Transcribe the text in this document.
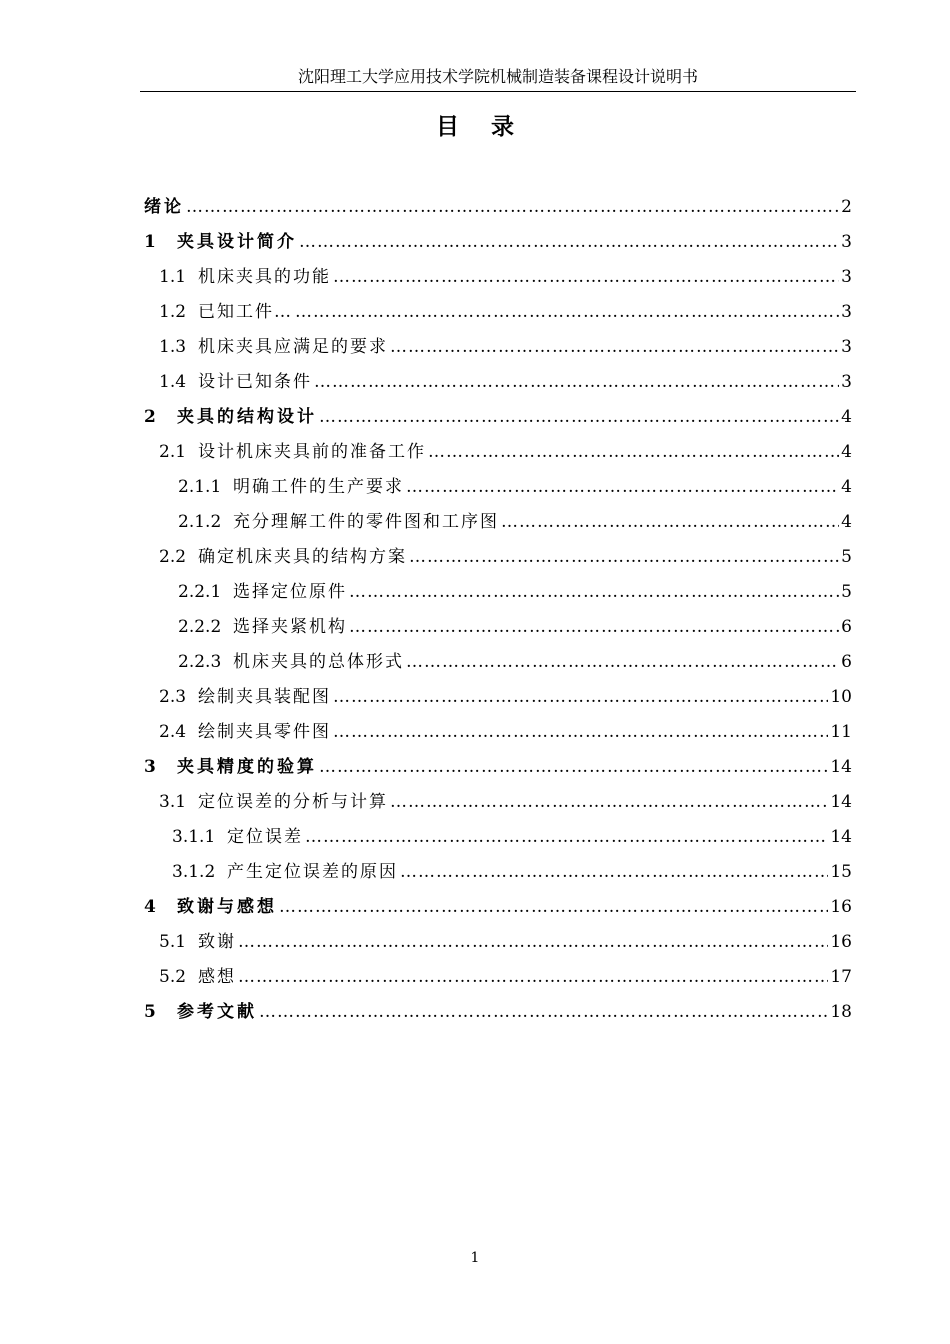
沈阳理工大学应用技术学院机械制造装备课程设计说明书
目 录
绪论 ……………………………………………………………………………………………………………………………………………………………………………………………	2
1	夹具设计简介 ……………………………………………………………………………………………………………………………………………………………………………………………	3
1.1 机床夹具的功能 ……………………………………………………………………………………………………………………………………………………………………………………………	3
1.2 已知工件… ……………………………………………………………………………………………………………………………………………………………………………………………	3
1.3 机床夹具应满足的要求 ……………………………………………………………………………………………………………………………………………………………………………………………	3
1.4 设计已知条件 ……………………………………………………………………………………………………………………………………………………………………………………………	3
2	夹具的结构设计 ……………………………………………………………………………………………………………………………………………………………………………………………	4
2.1 设计机床夹具前的准备工作 ……………………………………………………………………………………………………………………………………………………………………………………………	4
2.1.1 明确工件的生产要求 ……………………………………………………………………………………………………………………………………………………………………………………………	4
2.1.2 充分理解工件的零件图和工序图 ……………………………………………………………………………………………………………………………………………………………………………………………	4
2.2 确定机床夹具的结构方案 ……………………………………………………………………………………………………………………………………………………………………………………………	5
2.2.1 选择定位原件 ……………………………………………………………………………………………………………………………………………………………………………………………	5
2.2.2 选择夹紧机构 ……………………………………………………………………………………………………………………………………………………………………………………………	6
2.2.3 机床夹具的总体形式 ……………………………………………………………………………………………………………………………………………………………………………………………	6
2.3 绘制夹具装配图 ……………………………………………………………………………………………………………………………………………………………………………………………	10
2.4 绘制夹具零件图 ……………………………………………………………………………………………………………………………………………………………………………………………	11
3	夹具精度的验算 ……………………………………………………………………………………………………………………………………………………………………………………………	14
3.1 定位误差的分析与计算 ……………………………………………………………………………………………………………………………………………………………………………………………	14
3.1.1 定位误差 ……………………………………………………………………………………………………………………………………………………………………………………………	14
3.1.2 产生定位误差的原因 ……………………………………………………………………………………………………………………………………………………………………………………………	15
4	致谢与感想 ……………………………………………………………………………………………………………………………………………………………………………………………	16
5.1 致谢 ……………………………………………………………………………………………………………………………………………………………………………………………	16
5.2 感想 ……………………………………………………………………………………………………………………………………………………………………………………………	17
5	参考文献 ……………………………………………………………………………………………………………………………………………………………………………………………	18
1
